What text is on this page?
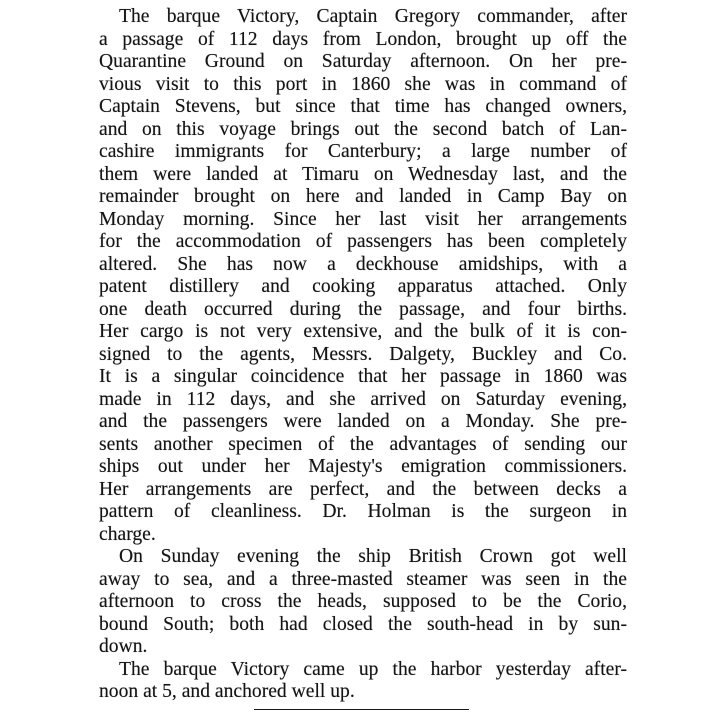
The barque Victory, Captain Gregory commander, after
a passage of 112 days from London, brought up off the
Quarantine Ground on Saturday afternoon. On her pre-
vious visit to this port in 1860 she was in command of
Captain Stevens, but since that time has changed owners,
and on this voyage brings out the second batch of Lan-
cashire immigrants for Canterbury; a large number of
them were landed at Timaru on Wednesday last, and the
remainder brought on here and landed in Camp Bay on
Monday morning. Since her last visit her arrangements
for the accommodation of passengers has been completely
altered. She has now a deckhouse amidships, with a
patent distillery and cooking apparatus attached. Only
one death occurred during the passage, and four births.
Her cargo is not very extensive, and the bulk of it is con-
signed to the agents, Messrs. Dalgety, Buckley and Co.
It is a singular coincidence that her passage in 1860 was
made in 112 days, and she arrived on Saturday evening,
and the passengers were landed on a Monday. She pre-
sents another specimen of the advantages of sending our
ships out under her Majesty's emigration commissioners.
Her arrangements are perfect, and the between decks a
pattern of cleanliness. Dr. Holman is the surgeon in
charge.
On Sunday evening the ship British Crown got well
away to sea, and a three-masted steamer was seen in the
afternoon to cross the heads, supposed to be the Corio,
bound South; both had closed the south-head in by sun-
down.
The barque Victory came up the harbor yesterday after-
noon at 5, and anchored well up.
